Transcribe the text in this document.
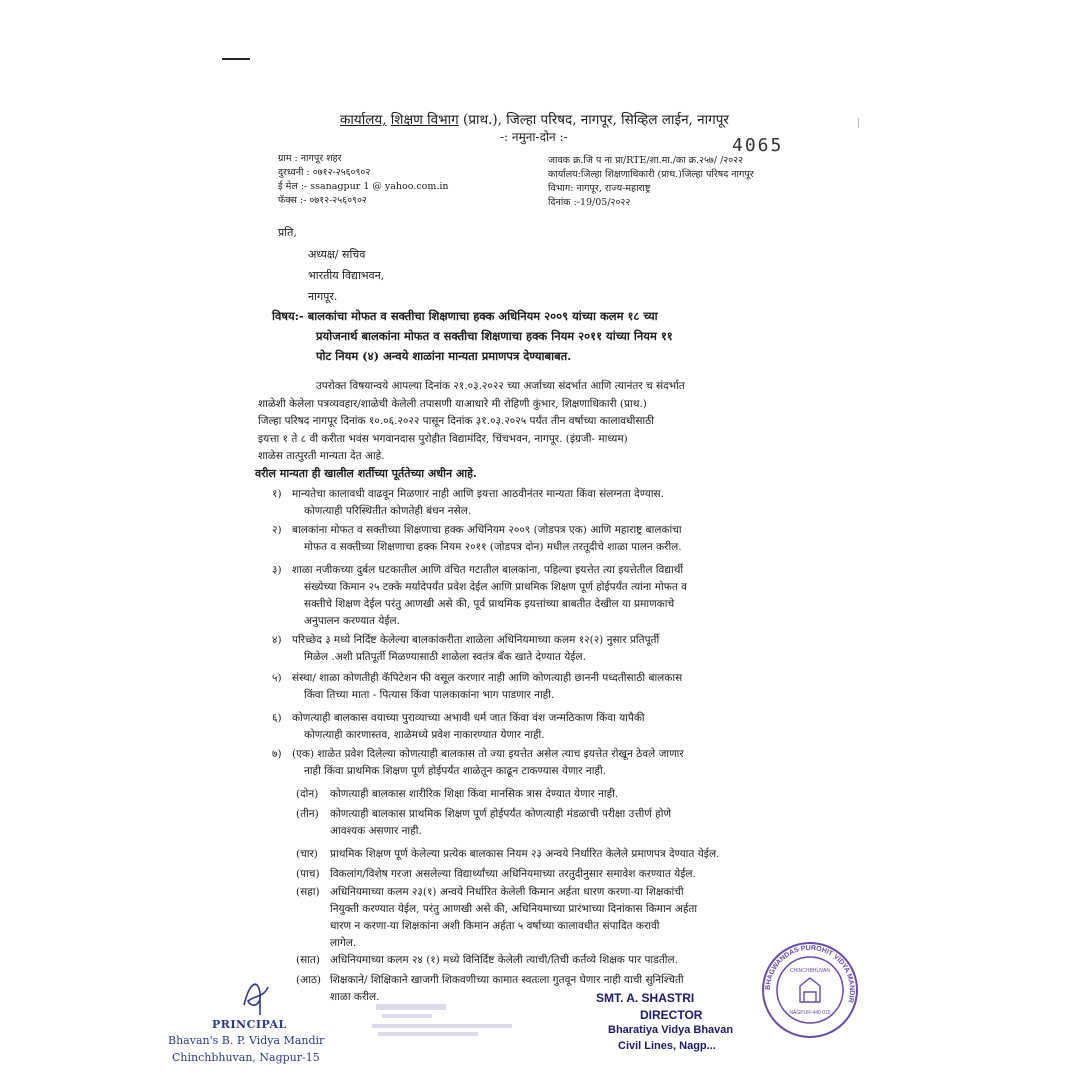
कार्यालय, शिक्षण विभाग (प्राथ.), जिल्हा परिषद, नागपूर, सिव्हिल लाईन, नागपूर
-: नमुना-दोन :-	4065
ग्राम : नागपूर शहर
दुरध्वनी : ०७१२-२५६०९०२
ई मेल :- ssanagpur 1 @ yahoo.com.in
फॅक्स :- ०७१२-२५६०९०२
जावक क्र.जि प ना प्रा/RTE/शा.मा./का क्र.२५७/ /२०२२
कार्यालय:जिल्हा शिक्षणाधिकारी (प्राथ.)जिल्हा परिषद नागपूर
विभाग: नागपूर, राज्य-महाराष्ट्र
दिनांक :-19/05/२०२२
प्रति,
अध्यक्ष/ सचिव
भारतीय विद्याभवन,
नागपूर.
विषय:- बालकांचा मोफत व सक्तीचा शिक्षणाचा हक्क अधिनियम २००९ यांच्या कलम १८ च्या
प्रयोजनार्थ बालकांना मोफत व सक्तीचा शिक्षणाचा हक्क नियम २०११ यांच्या नियम ११
पोट नियम (४) अन्वये शाळांना मान्यता प्रमाणपत्र देण्याबाबत.
उपरोक्त विषयान्वये आपल्या दिनांक २१.०३.२०२२ च्या अर्जाच्या संदर्भात आणि त्यानंतर च संदर्भात
शाळेशी केलेला पत्रव्यवहार/शाळेची केलेली तपासणी याआधारे मी रोहिणी कुंभार, शिक्षणाधिकारी (प्राथ.)
जिल्हा परिषद नागपूर दिनांक १०.०६.२०२२ पासून दिनांक ३१.०३.२०२५ पर्यंत तीन वर्षाच्या कालावधीसाठी
इयत्ता १ ते ८ वी करीता भवंस भगवानदास पुरोहीत विद्यामंदिर, चिंचभवन, नागपूर. (इंग्रजी- माध्यम)
शाळेस तात्पुरती मान्यता देत आहे.
वरील मान्यता ही खालील शर्तीच्या पूर्ततेच्या अधीन आहे.
१) मान्यतेचा कालावधी वाढवून मिळणार नाही आणि इयत्ता आठवीनंतर मान्यता किंवा संलग्नता देण्यास.
कोणत्याही परिस्थितीत कोणतेही बंधन नसेल.
२) बालकांना मोफत व सक्तीच्या शिक्षणाचा हक्क अधिनियम २००९ (जोडपत्र एक) आणि महाराष्ट्र बालकांचा
मोफत व सक्तीच्या शिक्षणाचा हक्क नियम २०११ (जोडपत्र दोन) मधील तरतूदीचे शाळा पालन करील.
३) शाळा नजीकच्या दुर्बल घटकातील आणि वंचित गटातील बालकांना, पहिल्या इयत्तेत त्या इयत्तेतील विद्यार्थी
संख्येच्या किमान २५ टक्के मर्यादेपर्यंत प्रवेश देईल आणि प्राथमिक शिक्षण पूर्ण होईपर्यंत त्यांना मोफत व
सक्तीचे शिक्षण देईल परंतु आणखी असे की, पूर्व प्राथमिक इयत्तांच्या बाबतीत देखील या प्रमाणकाचे
अनुपालन करण्यात येईल.
४) परिच्छेद ३ मध्ये निर्दिष्ट केलेल्या बालकांकरीता शाळेला अधिनियमाच्या कलम १२(२) नुसार प्रतिपूर्ती
मिळेल .अशी प्रतिपूर्ती मिळण्यासाठी शाळेला स्वतंत्र बँक खाते देण्यात येईल.
५) संस्था/ शाळा कोणतीही कॅपिटेशन फी वसूल करणार नाही आणि कोणत्याही छाननी पध्दतीसाठी बालकास
किंवा तिच्या माता - पित्यास किंवा पालकाकांना भाग पाडणार नाही.
६) कोणत्याही बालकास वयाच्या पुराव्याच्या अभावी धर्म जात किंवा वंश जन्मठिकाण किंवा यापैकी
कोणत्याही कारणास्तव, शाळेमध्ये प्रवेश नाकारण्यात येणार नाही.
७) (एक) शाळेत प्रवेश दिलेल्या कोणत्याही बालकास तो ज्या इयत्तेत असेल त्याच इयत्तेत रोखून ठेवले जाणार
नाही किंवा प्राथमिक शिक्षण पूर्ण होईपर्यंत शाळेतून काढून टाकण्यास येणार नाही.
(दोन) कोणत्याही बालकास शारीरिक शिक्षा किंवा मानसिक त्रास देण्यात येणार नाही.
(तीन) कोणत्याही बालकास प्राथमिक शिक्षण पूर्ण होईपर्यंत कोणत्याही मंडळाची परीक्षा उत्तीर्ण होणे
आवश्यक असणार नाही.
(चार) प्राथमिक शिक्षण पूर्ण केलेल्या प्रत्येक बालकास नियम २३ अन्वये निर्धारित केलेले प्रमाणपत्र देण्यात येईल.
(पाच) विकलांग/विशेष गरजा असलेल्या विद्यार्थ्यांच्या अधिनियमाच्या तरतुदीनुसार समावेश करण्यात येईल.
(सहा) अधिनियमाच्या कलम २३(१) अन्वये निर्धारित केलेली किमान अर्हता धारण करणा-या शिक्षकांची
नियुक्ती करण्यात येईल, परंतु आणखी असे की, अधिनियमाच्या प्रारंभाच्या दिनांकास किमान अर्हता
धारण न करणा-या शिक्षकांना अशी किमान अर्हता ५ वर्षाच्या कालावधीत संपादित करावी
लागेल.
(सात) अधिनियमाच्या कलम २४ (१) मध्ये विनिर्दिष्ट केलेली त्याची/तिची कर्तव्ये शिक्षक पार पाडतील.
(आठ) शिक्षकाने/ शिक्षिकाने खाजगी शिकवणीच्या कामात स्वतःला गुतवून घेणार नाही याची सुनिश्चिती
शाळा करील.
PRINCIPAL
Bhavan's B. P. Vidya Mandir
Chinchbhuvan, Nagpur-15
SMT. A. SHASTRI
DIRECTOR
Bharatiya Vidya Bhavan
Civil Lines, Nagp...
BHAGWANDAS PUROHIT VIDYA MANDIR
CHINCHBHUVAN
NAGPUR-440 015
